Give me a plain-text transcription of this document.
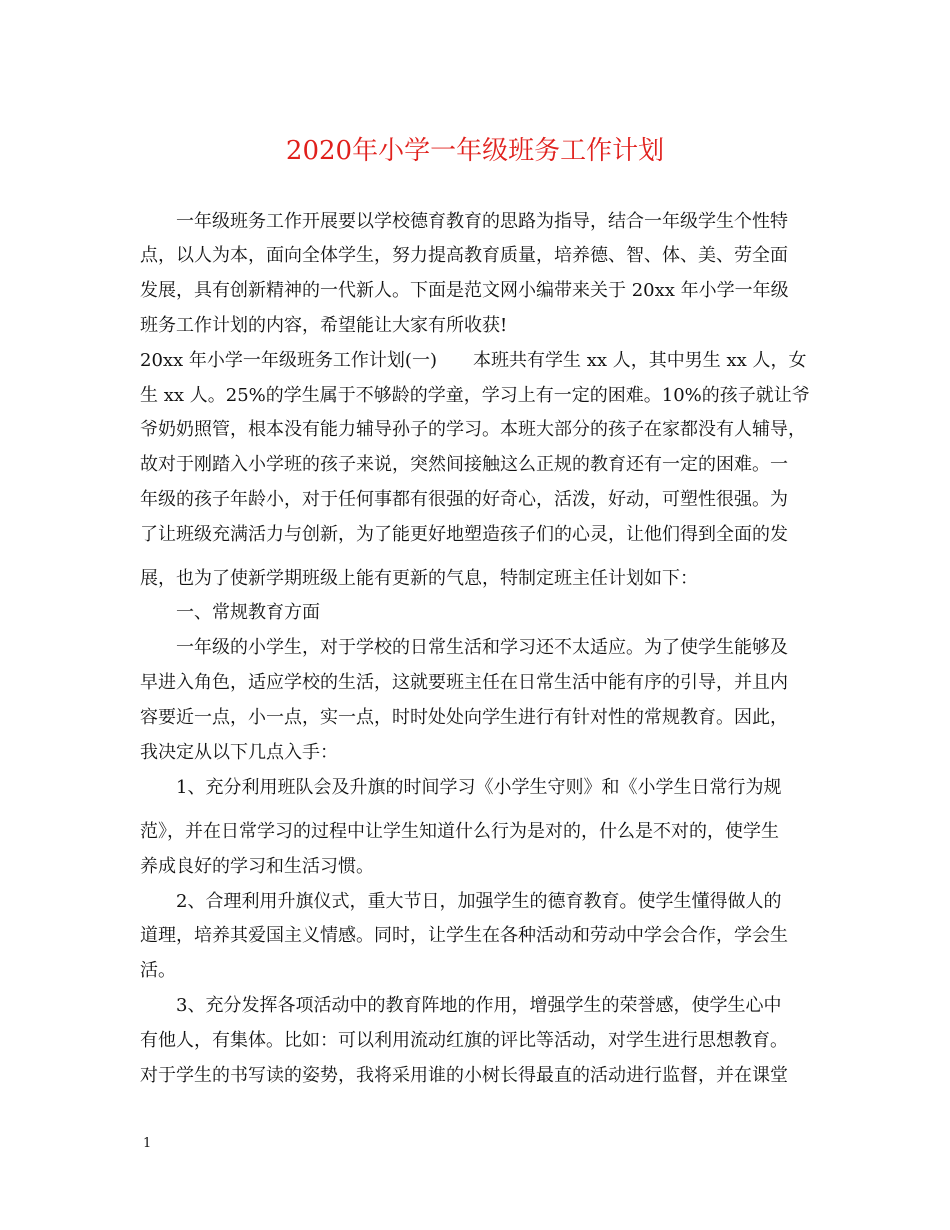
2020年小学一年级班务工作计划
　　一年级班务工作开展要以学校德育教育的思路为指导，结合一年级学生个性特
点，以人为本，面向全体学生，努力提高教育质量，培养德、智、体、美、劳全面
发展，具有创新精神的一代新人。下面是范文网小编带来关于 20xx 年小学一年级
班务工作计划的内容，希望能让大家有所收获!
20xx 年小学一年级班务工作计划(一)　　本班共有学生 xx 人，其中男生 xx 人，女
生 xx 人。25%的学生属于不够龄的学童，学习上有一定的困难。10%的孩子就让爷
爷奶奶照管，根本没有能力辅导孙子的学习。本班大部分的孩子在家都没有人辅导，
故对于刚踏入小学班的孩子来说，突然间接触这么正规的教育还有一定的困难。一
年级的孩子年龄小，对于任何事都有很强的好奇心，活泼，好动，可塑性很强。为
了让班级充满活力与创新，为了能更好地塑造孩子们的心灵，让他们得到全面的发
展，也为了使新学期班级上能有更新的气息，特制定班主任计划如下：
　　一、常规教育方面
　　一年级的小学生，对于学校的日常生活和学习还不太适应。为了使学生能够及
早进入角色，适应学校的生活，这就要班主任在日常生活中能有序的引导，并且内
容要近一点，小一点，实一点，时时处处向学生进行有针对性的常规教育。因此，
我决定从以下几点入手：
　　1、充分利用班队会及升旗的时间学习《小学生守则》和《小学生日常行为规
范》，并在日常学习的过程中让学生知道什么行为是对的，什么是不对的，使学生
养成良好的学习和生活习惯。
　　2、合理利用升旗仪式，重大节日，加强学生的德育教育。使学生懂得做人的
道理，培养其爱国主义情感。同时，让学生在各种活动和劳动中学会合作，学会生
活。
　　3、充分发挥各项活动中的教育阵地的作用，增强学生的荣誉感，使学生心中
有他人，有集体。比如：可以利用流动红旗的评比等活动，对学生进行思想教育。
对于学生的书写读的姿势，我将采用谁的小树长得最直的活动进行监督，并在课堂
1
